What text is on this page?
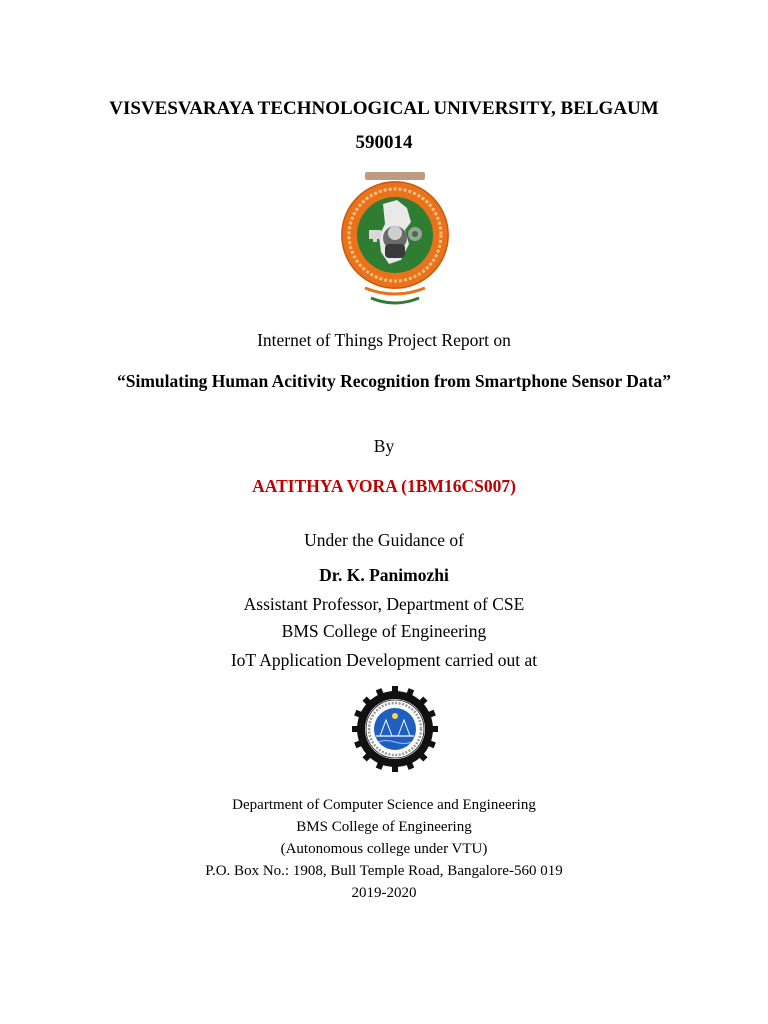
VISVESVARAYA TECHNOLOGICAL UNIVERSITY, BELGAUM
590014
Internet of Things Project Report on
“Simulating Human Acitivity Recognition from Smartphone Sensor Data”
By
AATITHYA VORA (1BM16CS007)
Under the Guidance of
Dr. K. Panimozhi
Assistant Professor, Department of CSE
BMS College of Engineering
IoT Application Development carried out at
Department of Computer Science and Engineering
BMS College of Engineering
(Autonomous college under VTU)
P.O. Box No.: 1908, Bull Temple Road, Bangalore-560 019
2019-2020
